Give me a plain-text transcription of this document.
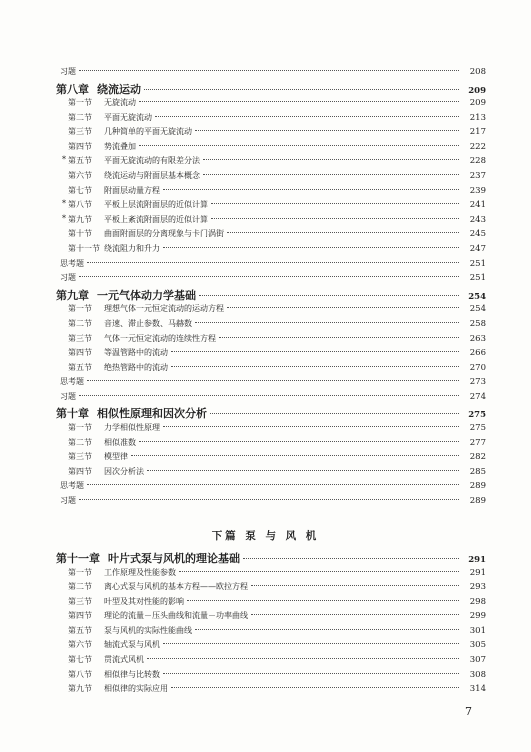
习题	208
第八章 绕流运动	209
第一节	无旋流动	209
第二节	平面无旋流动	213
第三节	几种简单的平面无旋流动	217
第四节	势流叠加	222
* 第五节	平面无旋流动的有限差分法	228
第六节	绕流运动与附面层基本概念	237
第七节	附面层动量方程	239
* 第八节	平板上层流附面层的近似计算	241
* 第九节	平板上紊流附面层的近似计算	243
第十节	曲面附面层的分离现象与卡门涡街	245
第十一节 绕流阻力和升力	247
思考题	251
习题	251
第九章 一元气体动力学基础	254
第一节	理想气体一元恒定流动的运动方程	254
第二节	音速、滞止参数、马赫数	258
第三节	气体一元恒定流动的连续性方程	263
第四节	等温管路中的流动	266
第五节	绝热管路中的流动	270
思考题	273
习题	274
第十章 相似性原理和因次分析	275
第一节	力学相似性原理	275
第二节	相似准数	277
第三节	模型律	282
第四节	因次分析法	285
思考题	289
习题	289
下篇 泵 与 风 机
第十一章 叶片式泵与风机的理论基础	291
第一节	工作原理及性能参数	291
第二节	离心式泵与风机的基本方程——欧拉方程	293
第三节	叶型及其对性能的影响	298
第四节	理论的流量－压头曲线和流量－功率曲线	299
第五节	泵与风机的实际性能曲线	301
第六节	轴流式泵与风机	305
第七节	贯流式风机	307
第八节	相似律与比转数	308
第九节	相似律的实际应用	314
7
